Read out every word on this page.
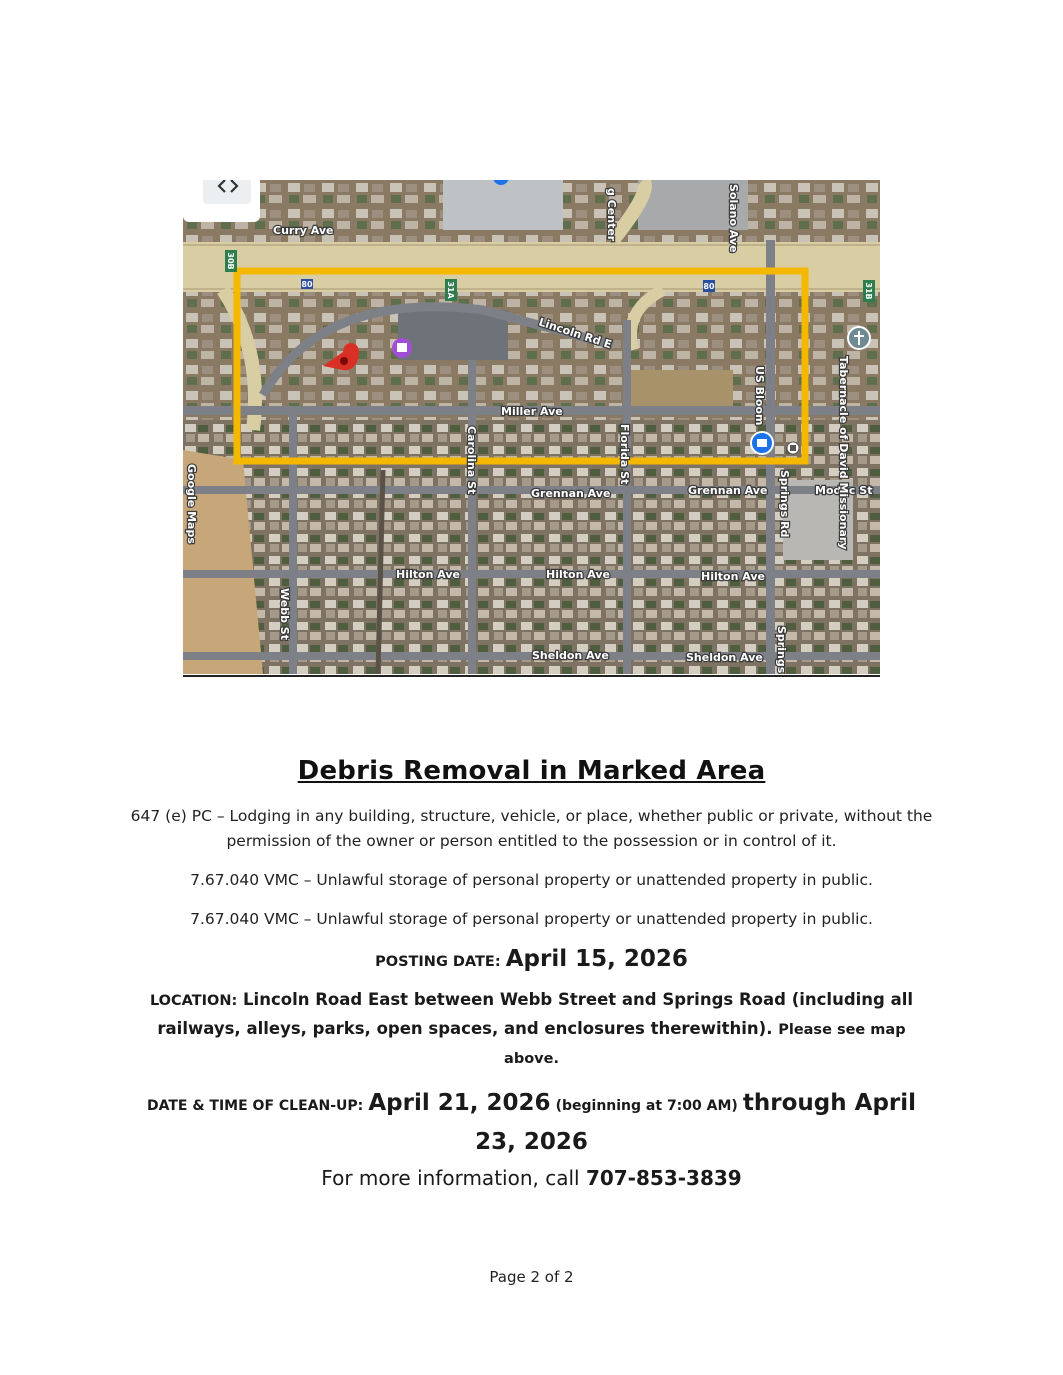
30B
31A
80	80	31B
Curry Ave	Solano Ave
g Center
Lincoln Rd E
Miller Ave
Carolina St	Florida St
Grennan Ave	Grennan Ave	Modoc St
Hilton Ave	Hilton Ave	Hilton Ave
Sheldon Ave	Sheldon Ave
Webb St
Springs Rd
Springs
US Bloom	Tabernacle of David Missionary
Google Maps
Debris Removal in Marked Area

647 (e) PC – Lodging in any building, structure, vehicle, or place, whether public or private, without the permission of the owner or person entitled to the possession or in control of it.

7.67.040 VMC – Unlawful storage of personal property or unattended property in public.

7.67.040 VMC – Unlawful storage of personal property or unattended property in public.

POSTING DATE: April 15, 2026
LOCATION: Lincoln Road East between Webb Street and Springs Road (including all railways, alleys, parks, open spaces, and enclosures therewithin). Please see map above.
DATE & TIME OF CLEAN-UP: April 21, 2026 (beginning at 7:00 AM) through April 23, 2026
For more information, call 707-853-3839
Page 2 of 2
